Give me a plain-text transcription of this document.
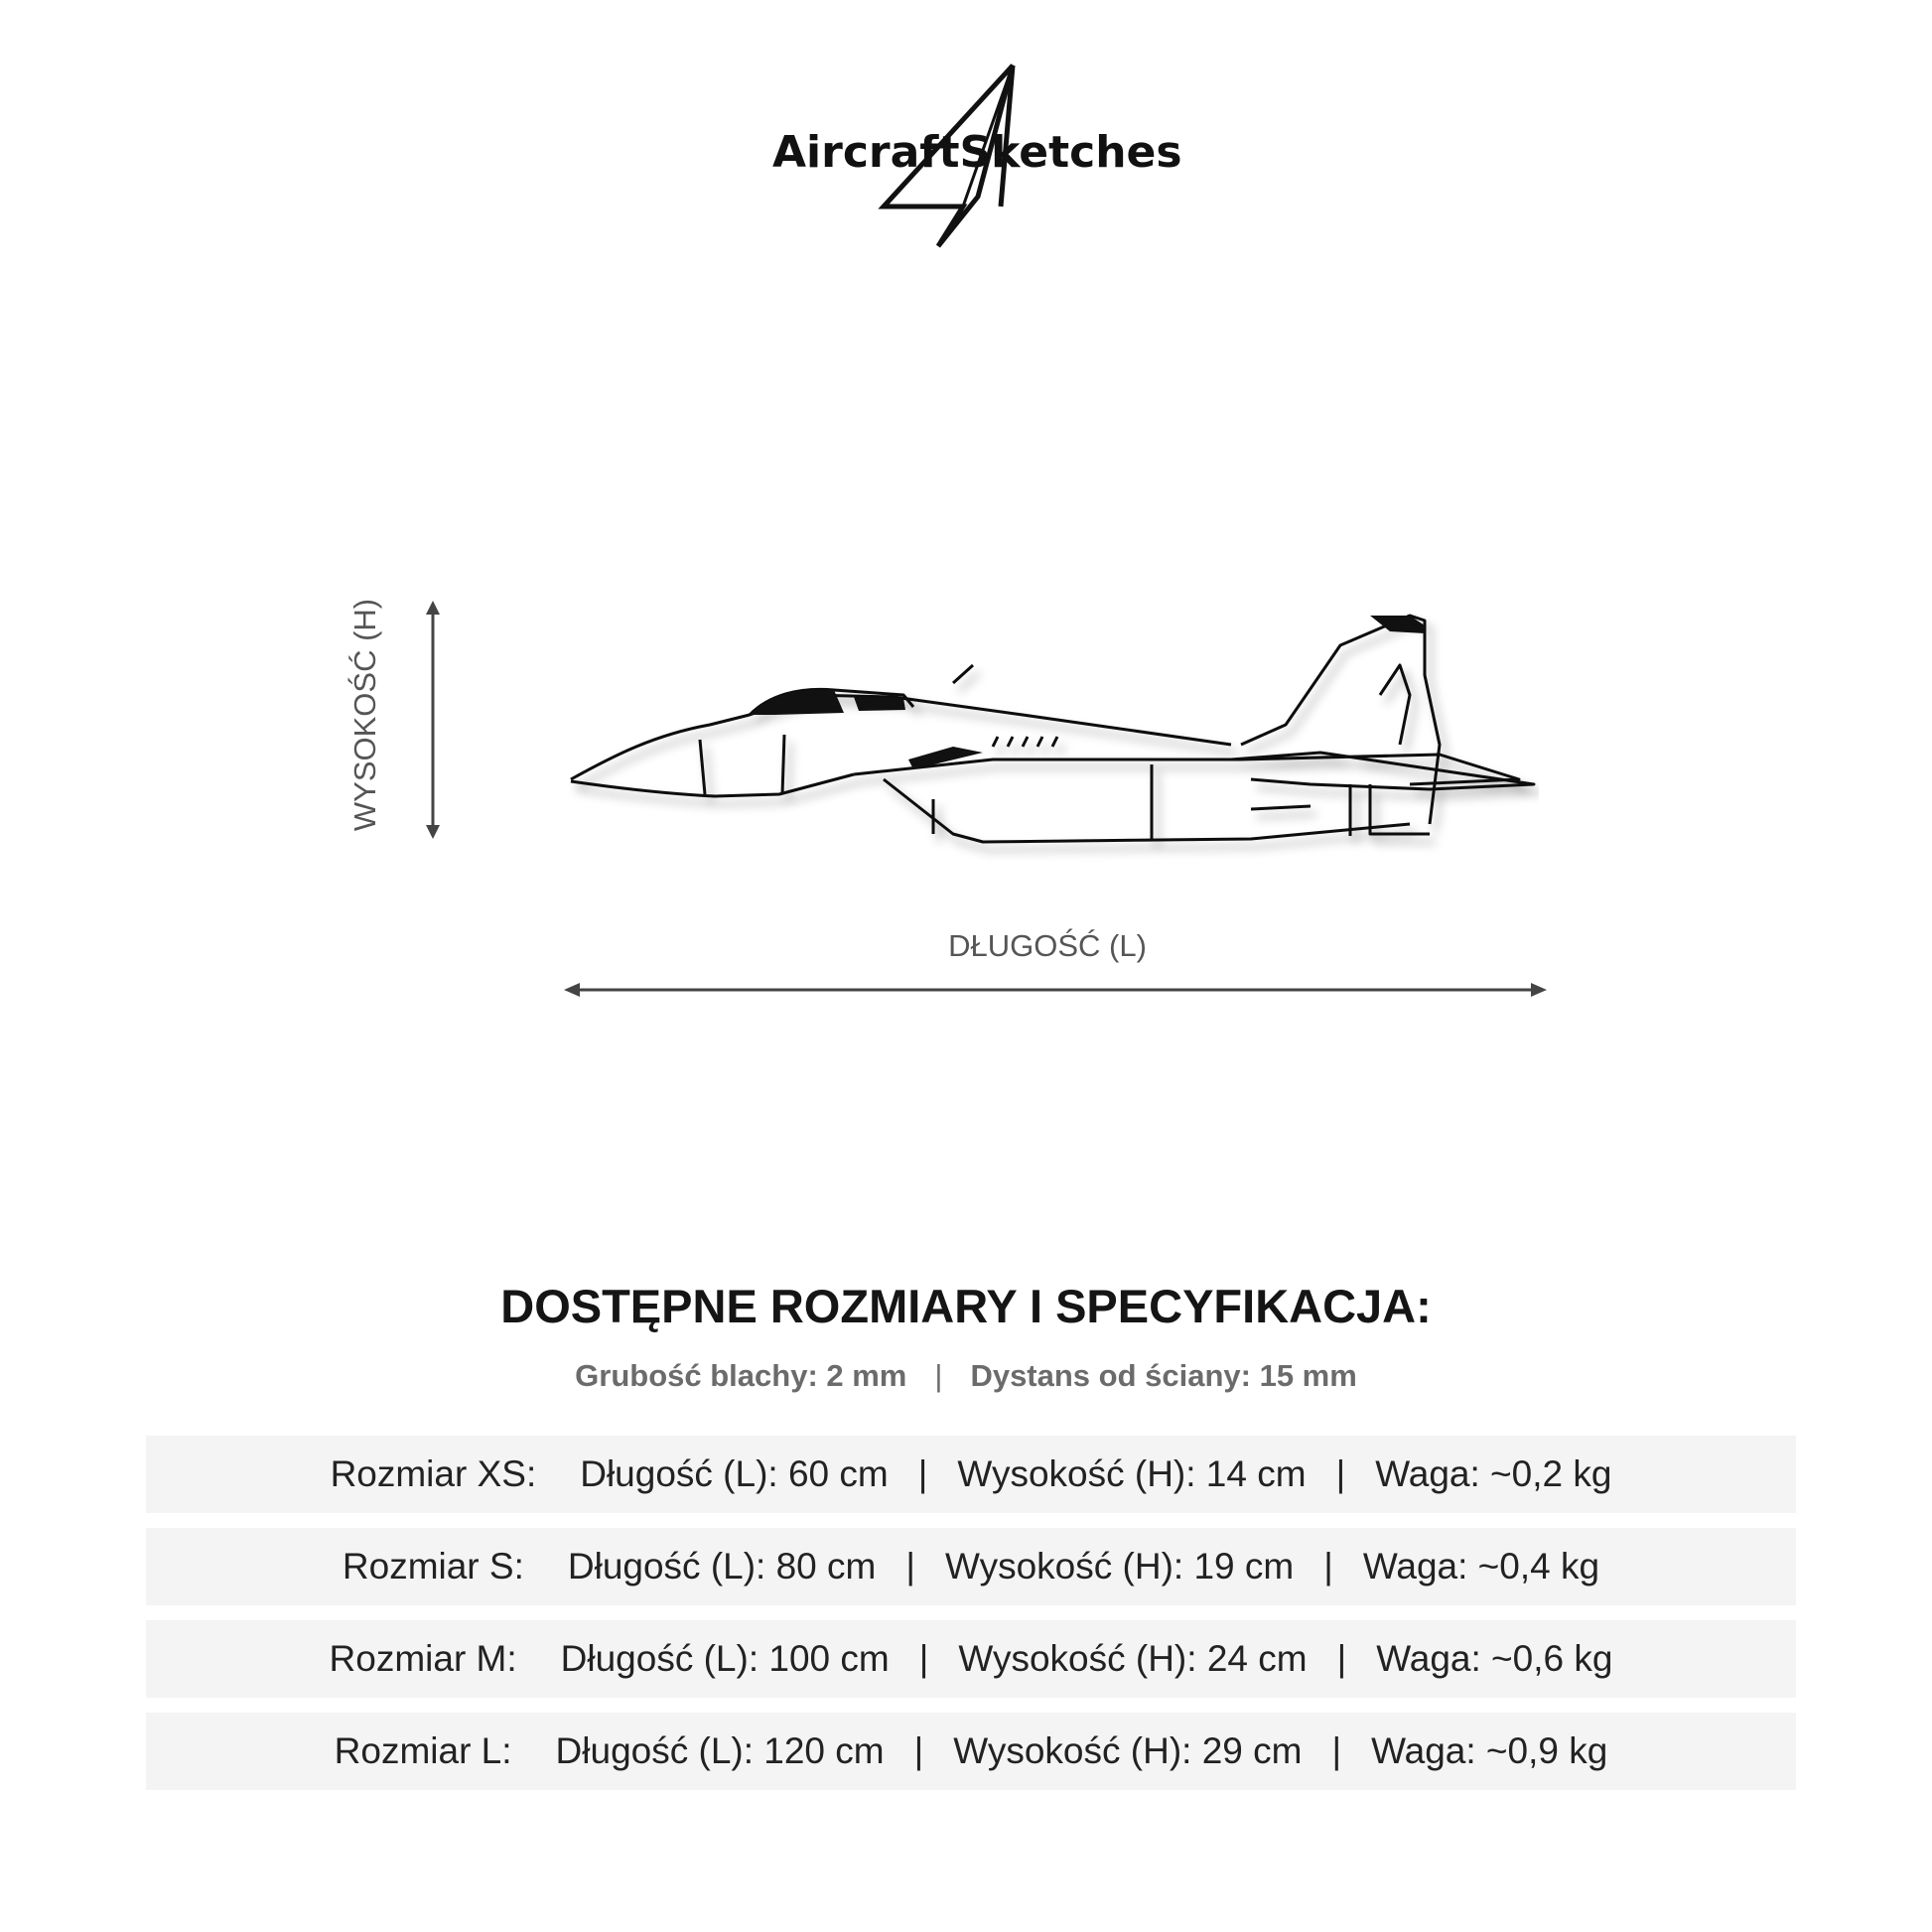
AircraftSketches
WYSOKOŚĆ (H)
DŁUGOŚĆ (L)
DOSTĘPNE ROZMIARY I SPECYFIKACJA:
Grubość blachy: 2 mm | Dystans od ściany: 15 mm
Rozmiar XS: Długość (L): 60 cm | Wysokość (H): 14 cm | Waga: ~0,2 kg
Rozmiar S: Długość (L): 80 cm | Wysokość (H): 19 cm | Waga: ~0,4 kg
Rozmiar M: Długość (L): 100 cm | Wysokość (H): 24 cm | Waga: ~0,6 kg
Rozmiar L: Długość (L): 120 cm | Wysokość (H): 29 cm | Waga: ~0,9 kg
